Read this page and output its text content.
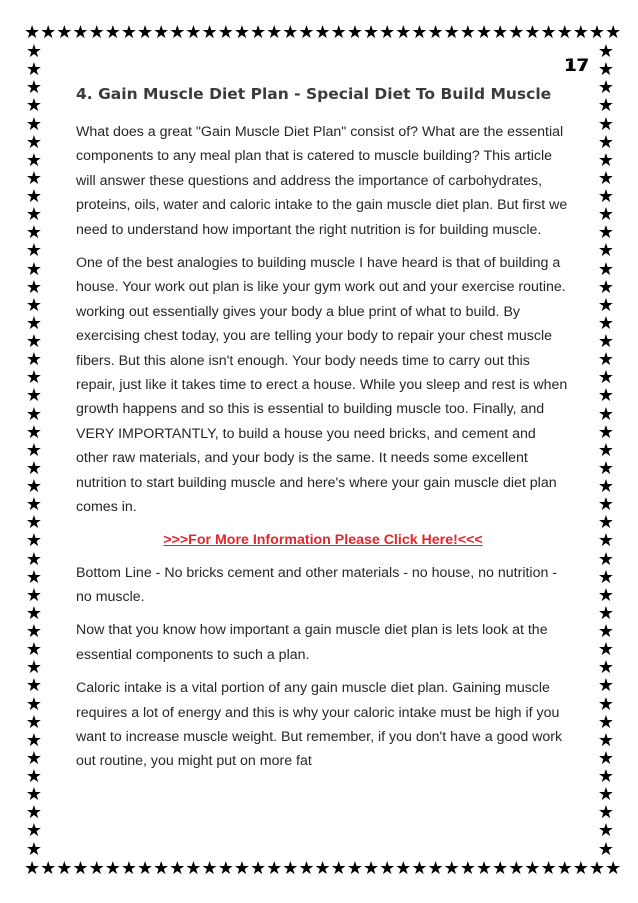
★ ★ ★ ★ ★ ★ ★ ★ ★ ★ ★ ★ ★ ★ ★ ★ ★ ★ ★ ★ ★ ★ ★ ★ ★ ★ ★ ★ ★ ★ ★ ★ ★ ★ ★ ★ ★
★
★
★
★
★
★
★
★
★
★
★
★
★
★
★
★
★
★
★
★
★
★
★
★
★
★
★
★
★
★
★
★
★
★
★
★
★
★
★
★
★
★
★
★
★
★
★
★
★
★
★
★
★
★
★
★
★
★
★
★
★
★
★
★
★
★
★
★
★
★
★
★
★
★
★
★
★
★
★
★
★
★
★
★
★
★
★
★
★
★
★ ★ ★ ★ ★ ★ ★ ★ ★ ★ ★ ★ ★ ★ ★ ★ ★ ★ ★ ★ ★ ★ ★ ★ ★ ★ ★ ★ ★ ★ ★ ★ ★ ★ ★ ★ ★
17
4. Gain Muscle Diet Plan - Special Diet To Build Muscle

What does a great "Gain Muscle Diet Plan" consist of? What are the essential components to any meal plan that is catered to muscle building? This article will answer these questions and address the importance of carbohydrates, proteins, oils, water and caloric intake to the gain muscle diet plan. But first we need to understand how important the right nutrition is for building muscle.

One of the best analogies to building muscle I have heard is that of building a house. Your work out plan is like your gym work out and your exercise routine. working out essentially gives your body a blue print of what to build. By exercising chest today, you are telling your body to repair your chest muscle fibers. But this alone isn't enough. Your body needs time to carry out this repair, just like it takes time to erect a house. While you sleep and rest is when growth happens and so this is essential to building muscle too. Finally, and VERY IMPORTANTLY, to build a house you need bricks, and cement and other raw materials, and your body is the same. It needs some excellent nutrition to start building muscle and here's where your gain muscle diet plan comes in.

>>>For More Information Please Click Here!<<<

Bottom Line - No bricks cement and other materials - no house, no nutrition - no muscle.

Now that you know how important a gain muscle diet plan is lets look at the essential components to such a plan.

Caloric intake is a vital portion of any gain muscle diet plan. Gaining muscle requires a lot of energy and this is why your caloric intake must be high if you want to increase muscle weight. But remember, if you don't have a good work out routine, you might put on more fat
